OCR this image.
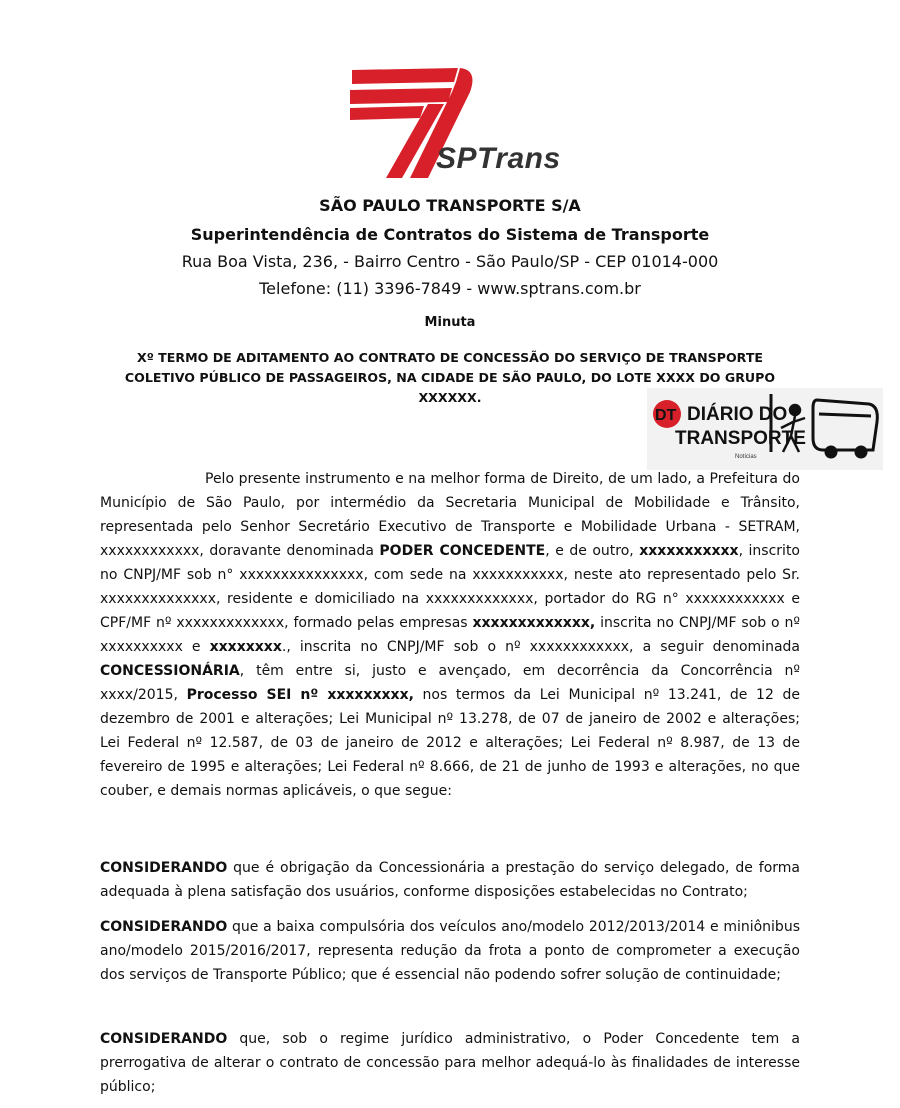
SPTrans
SÃO PAULO TRANSPORTE S/A
Superintendência de Contratos do Sistema de Transporte
Rua Boa Vista, 236, - Bairro Centro - São Paulo/SP - CEP 01014-000
Telefone: (11) 3396-7849 - www.sptrans.com.br
Minuta
Xº TERMO DE ADITAMENTO AO CONTRATO DE CONCESSÃO DO SERVIÇO DE TRANSPORTE COLETIVO PÚBLICO DE PASSAGEIROS, NA CIDADE DE SÃO PAULO, DO LOTE XXXX DO GRUPO XXXXXX.
DT DIÁRIO DO
TRANSPORTE
Notícias
Pelo presente instrumento e na melhor forma de Direito, de um lado, a Prefeitura do Município de São Paulo, por intermédio da Secretaria Municipal de Mobilidade e Trânsito, representada pelo Senhor Secretário Executivo de Transporte e Mobilidade Urbana - SETRAM, xxxxxxxxxxxx, doravante denominada PODER CONCEDENTE, e de outro, xxxxxxxxxxx, inscrito no CNPJ/MF sob n° xxxxxxxxxxxxxxx, com sede na xxxxxxxxxxx, neste ato representado pelo Sr. xxxxxxxxxxxxxx, residente e domiciliado na xxxxxxxxxxxxx, portador do RG n° xxxxxxxxxxxx e CPF/MF nº xxxxxxxxxxxxx, formado pelas empresas xxxxxxxxxxxxx, inscrita no CNPJ/MF sob o nº xxxxxxxxxx e xxxxxxxx., inscrita no CNPJ/MF sob o nº xxxxxxxxxxxx, a seguir denominada CONCESSIONÁRIA, têm entre si, justo e avençado, em decorrência da Concorrência nº xxxx/2015, Processo SEI nº xxxxxxxxx, nos termos da Lei Municipal nº 13.241, de 12 de dezembro de 2001 e alterações; Lei Municipal nº 13.278, de 07 de janeiro de 2002 e alterações; Lei Federal nº 12.587, de 03 de janeiro de 2012 e alterações; Lei Federal nº 8.987, de 13 de fevereiro de 1995 e alterações; Lei Federal nº 8.666, de 21 de junho de 1993 e alterações, no que couber, e demais normas aplicáveis, o que segue:
CONSIDERANDO que é obrigação da Concessionária a prestação do serviço delegado, de forma adequada à plena satisfação dos usuários, conforme disposições estabelecidas no Contrato;
CONSIDERANDO que a baixa compulsória dos veículos ano/modelo 2012/2013/2014 e miniônibus ano/modelo 2015/2016/2017, representa redução da frota a ponto de comprometer a execução dos serviços de Transporte Público; que é essencial não podendo sofrer solução de continuidade;
CONSIDERANDO que, sob o regime jurídico administrativo, o Poder Concedente tem a prerrogativa de alterar o contrato de concessão para melhor adequá-lo às finalidades de interesse público;
